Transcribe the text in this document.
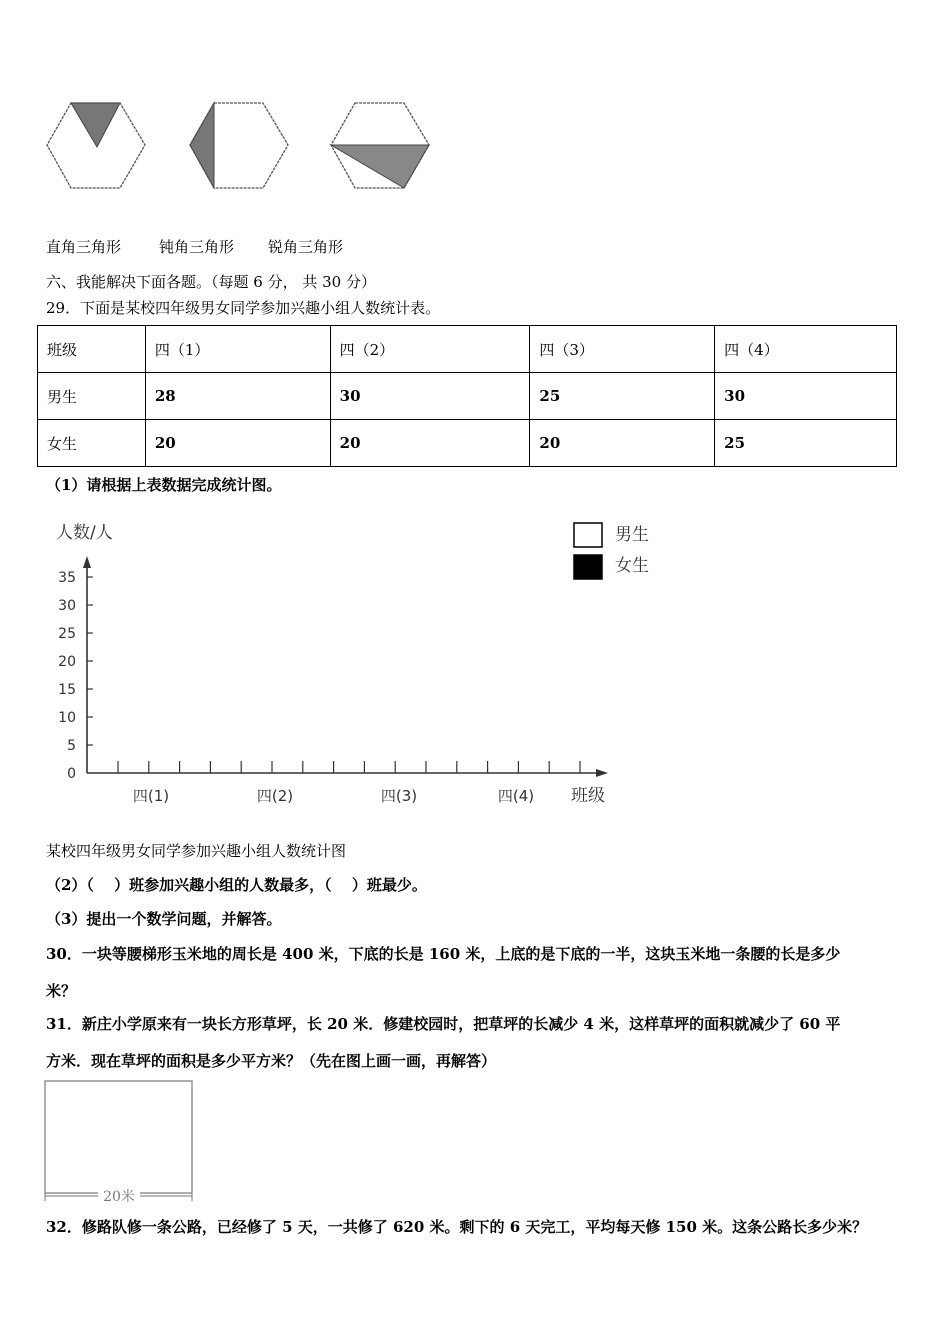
直角三角形	钝角三角形 锐角三角形
六、我能解决下面各题。（每题 6 分， 共 30 分）
29．下面是某校四年级男女同学参加兴趣小组人数统计表。
班级	四（1）	四（2）	四（3）	四（4）
男生	28	30	25	30
女生	20	20	20	25
（1）请根据上表数据完成统计图。
人数/人
0
5
10
15
20
25
30
35
四(1)	四(2)	四(3)	四(4) 班级
男生
女生
某校四年级男女同学参加兴趣小组人数统计图
（2）（　 ）班参加兴趣小组的人数最多，（　 ）班最少。
（3）提出一个数学问题，并解答。
30．一块等腰梯形玉米地的周长是 400 米，下底的长是 160 米，上底的是下底的一半，这块玉米地一条腰的长是多少
米？
31．新庄小学原来有一块长方形草坪，长 20 米．修建校园时，把草坪的长减少 4 米，这样草坪的面积就减少了 60 平
方米．现在草坪的面积是多少平方米？（先在图上画一画，再解答）
20米
32．修路队修一条公路，已经修了 5 天，一共修了 620 米。剩下的 6 天完工，平均每天修 150 米。这条公路长多少米？
